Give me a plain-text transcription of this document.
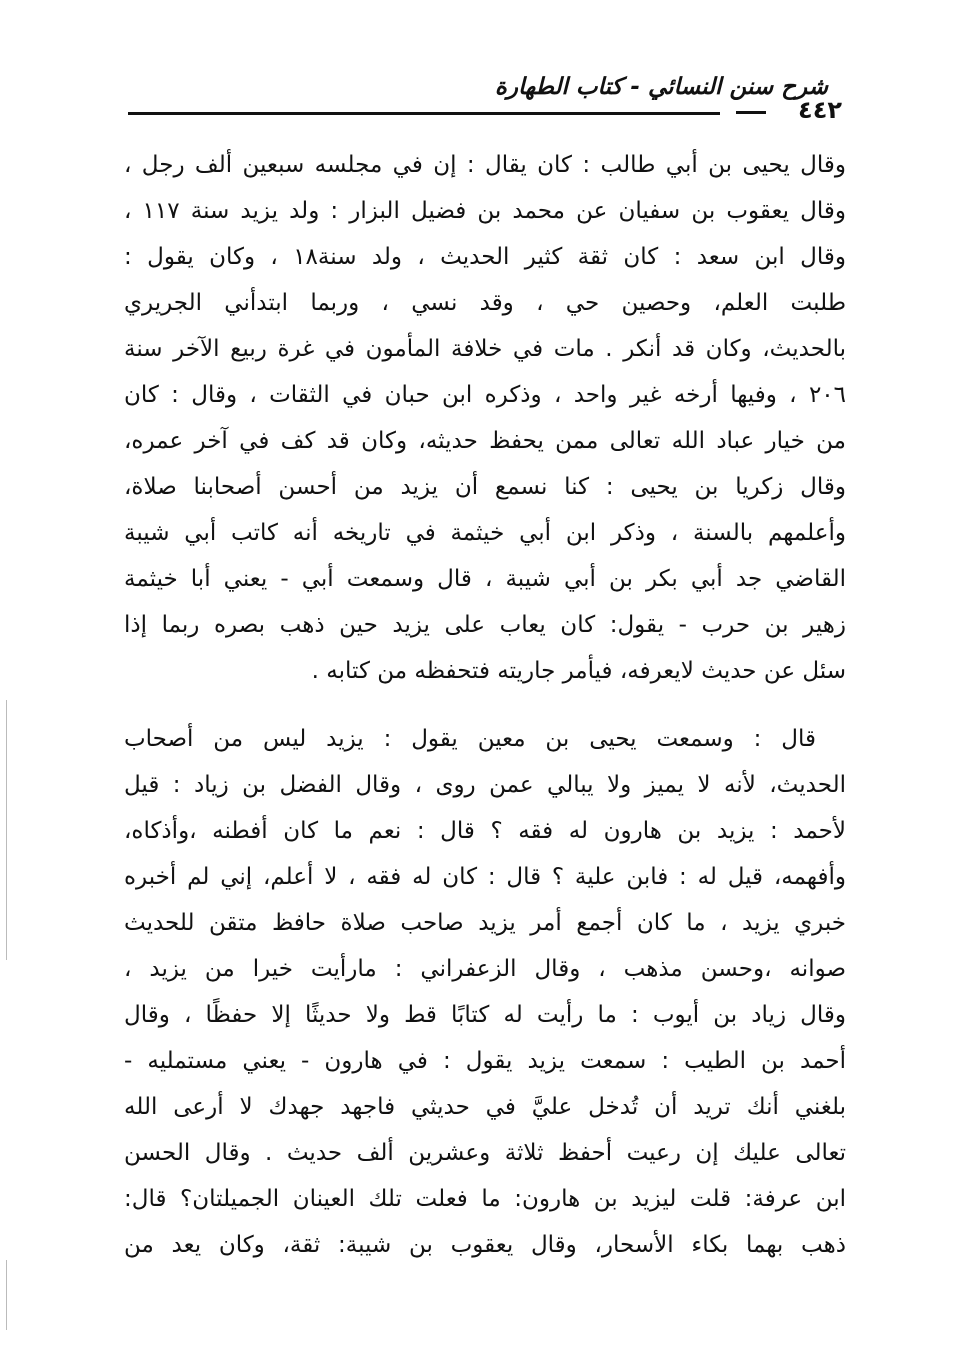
شرح سنن النسائي - كتاب الطهارة
٤٤٢
وقال يحيى بن أبي طالب : كان يقال : إن في مجلسه سبعين ألف رجل ،
وقال يعقوب بن سفيان عن محمد بن فضيل البزار : ولد يزيد سنة ١١٧ ،
وقال ابن سعد : كان ثقة كثير الحديث ، ولد سنة١٨ ، وكان يقول :
طلبت العلم، وحصين حي ، وقد نسي ، وربما ابتدأني الجريري
بالحديث، وكان قد أنكر . مات في خلافة المأمون في غرة ربيع الآخر سنة
٢٠٦ ، وفيها أرخه غير واحد ، وذكره ابن حبان في الثقات ، وقال : كان
من خيار عباد الله تعالى ممن يحفظ حديثه، وكان قد كف في آخر عمره،
وقال زكريا بن يحيى : كنا نسمع أن يزيد من أحسن أصحابنا صلاة،
وأعلمهم بالسنة ، وذكر ابن أبي خيثمة في تاريخه أنه كاتب أبي شيبة
القاضي جد أبي بكر بن أبي شيبة ، قال وسمعت أبي - يعني أبا خيثمة
زهير بن حرب - يقول: كان يعاب على يزيد حين ذهب بصره ربما إذا
سئل عن حديث لايعرفه، فيأمر جاريته فتحفظه من كتابه .
قال : وسمعت يحيى بن معين يقول : يزيد ليس من أصحاب
الحديث، لأنه لا يميز ولا يبالي عمن روى ، وقال الفضل بن زياد : قيل
لأحمد : يزيد بن هارون له فقه ؟ قال : نعم ما كان أفطنه ،وأذكاه،
وأفهمه، قيل له : فابن علية ؟ قال : كان له فقه ، لا أعلم، إني لم أخبره
خبري يزيد ، ما كان أجمع أمر يزيد صاحب صلاة حافظ متقن للحديث
صوانه ،وحسن مذهب ، وقال الزعفراني : مارأيت خيرا من يزيد ،
وقال زياد بن أيوب : ما رأيت له كتابًا قط ولا حديثًا إلا حفظًا ، وقال
أحمد بن الطيب : سمعت يزيد يقول : في هارون - يعني مستمليه -
بلغني أنك تريد أن تُدخل عليَّ في حديثي فاجهد جهدك لا أرعى الله
تعالى عليك إن رعيت أحفظ ثلاثة وعشرين ألف حديث . وقال الحسن
ابن عرفة: قلت ليزيد بن هارون: ما فعلت تلك العينان الجميلتان؟ قال:
ذهب بهما بكاء الأسحار، وقال يعقوب بن شيبة: ثقة، وكان يعد من
